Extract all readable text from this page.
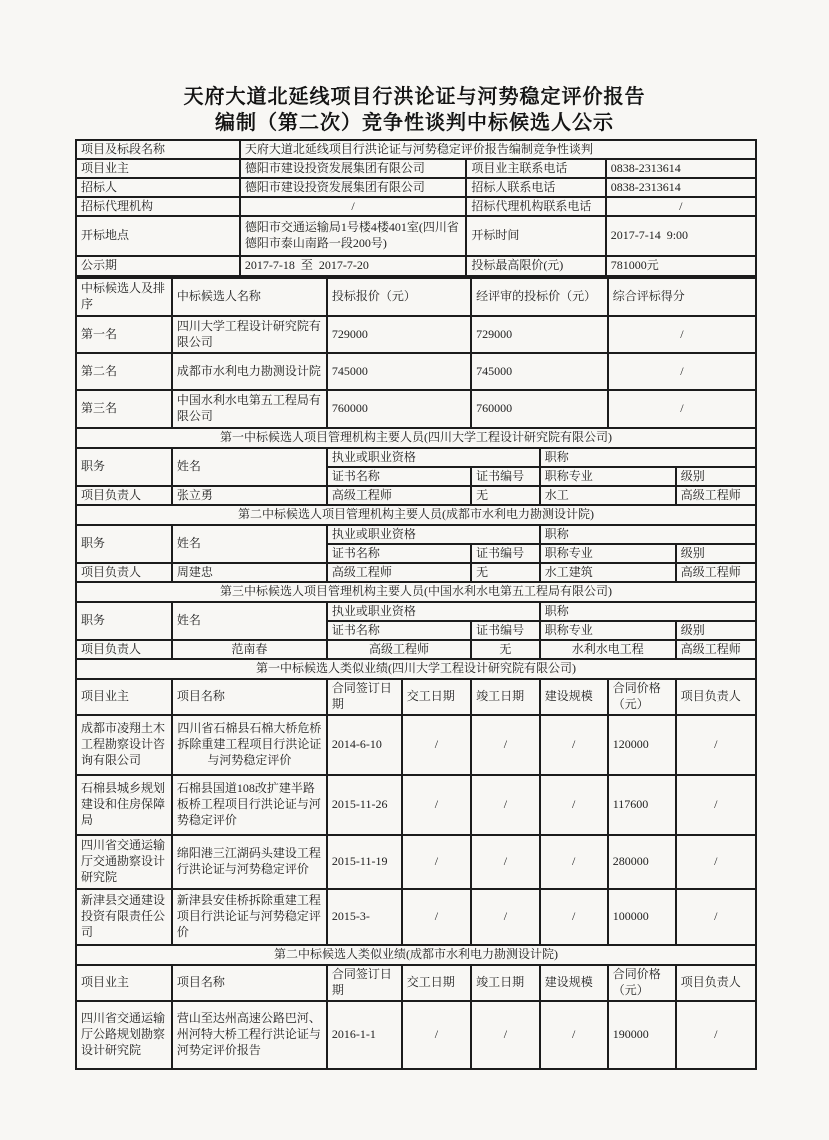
天府大道北延线项目行洪论证与河势稳定评价报告
编制（第二次）竞争性谈判中标候选人公示
项目及标段名称	天府大道北延线项目行洪论证与河势稳定评价报告编制竞争性谈判		
项目业主	德阳市建设投资发展集团有限公司	项目业主联系电话	0838-2313614
招标人	德阳市建设投资发展集团有限公司	招标人联系电话	0838-2313614
招标代理机构	/	招标代理机构联系电话	/
开标地点	德阳市交通运输局1号楼4楼401室(四川省德阳市泰山南路一段200号)	开标时间	2017-7-14  9:00
公示期	2017-7-18  至  2017-7-20	投标最高限价(元)	781000元
中标候选人及排序	中标候选人名称	投标报价（元）		经评审的投标价（元）		综合评标得分	
第一名	四川大学工程设计研究院有限公司	729000		729000		/	
第二名	成都市水利电力勘测设计院	745000		745000		/	
第三名	中国水利水电第五工程局有限公司	760000		760000		/	
第一中标候选人项目管理机构主要人员(四川大学工程设计研究院有限公司)							
职务	姓名	执业或职业资格			职称		
		证书名称		证书编号	职称专业		级别
项目负责人	张立勇	高级工程师		无	水工		高级工程师
第二中标候选人项目管理机构主要人员(成都市水利电力勘测设计院)							
职务	姓名	执业或职业资格			职称		
		证书名称		证书编号	职称专业		级别
项目负责人	周建忠	高级工程师		无	水工建筑		高级工程师
第三中标候选人项目管理机构主要人员(中国水利水电第五工程局有限公司)							
职务	姓名	执业或职业资格			职称		
		证书名称		证书编号	职称专业		级别
项目负责人	范南春	高级工程师		无	水利水电工程		高级工程师
第一中标候选人类似业绩(四川大学工程设计研究院有限公司)							
项目业主	项目名称	合同签订日期	交工日期	竣工日期	建设规模	合同价格（元）	项目负责人
成都市凌翔土木工程勘察设计咨询有限公司	四川省石棉县石棉大桥危桥拆除重建工程项目行洪论证与河势稳定评价	2014-6-10	/	/	/	120000	/
石棉县城乡规划建设和住房保障局	石棉县国道108改扩建半路板桥工程项目行洪论证与河势稳定评价	2015-11-26	/	/	/	117600	/
四川省交通运输厅交通勘察设计研究院	绵阳港三江湖码头建设工程行洪论证与河势稳定评价	2015-11-19	/	/	/	280000	/
新津县交通建设投资有限责任公司	新津县安佳桥拆除重建工程项目行洪论证与河势稳定评价	2015-3-	/	/	/	100000	/
第二中标候选人类似业绩(成都市水利电力勘测设计院)							
项目业主	项目名称	合同签订日期	交工日期	竣工日期	建设规模	合同价格（元）	项目负责人
四川省交通运输厅公路规划勘察设计研究院	营山至达州高速公路巴河、州河特大桥工程行洪论证与河势定评价报告	2016-1-1	/	/	/	190000	/
